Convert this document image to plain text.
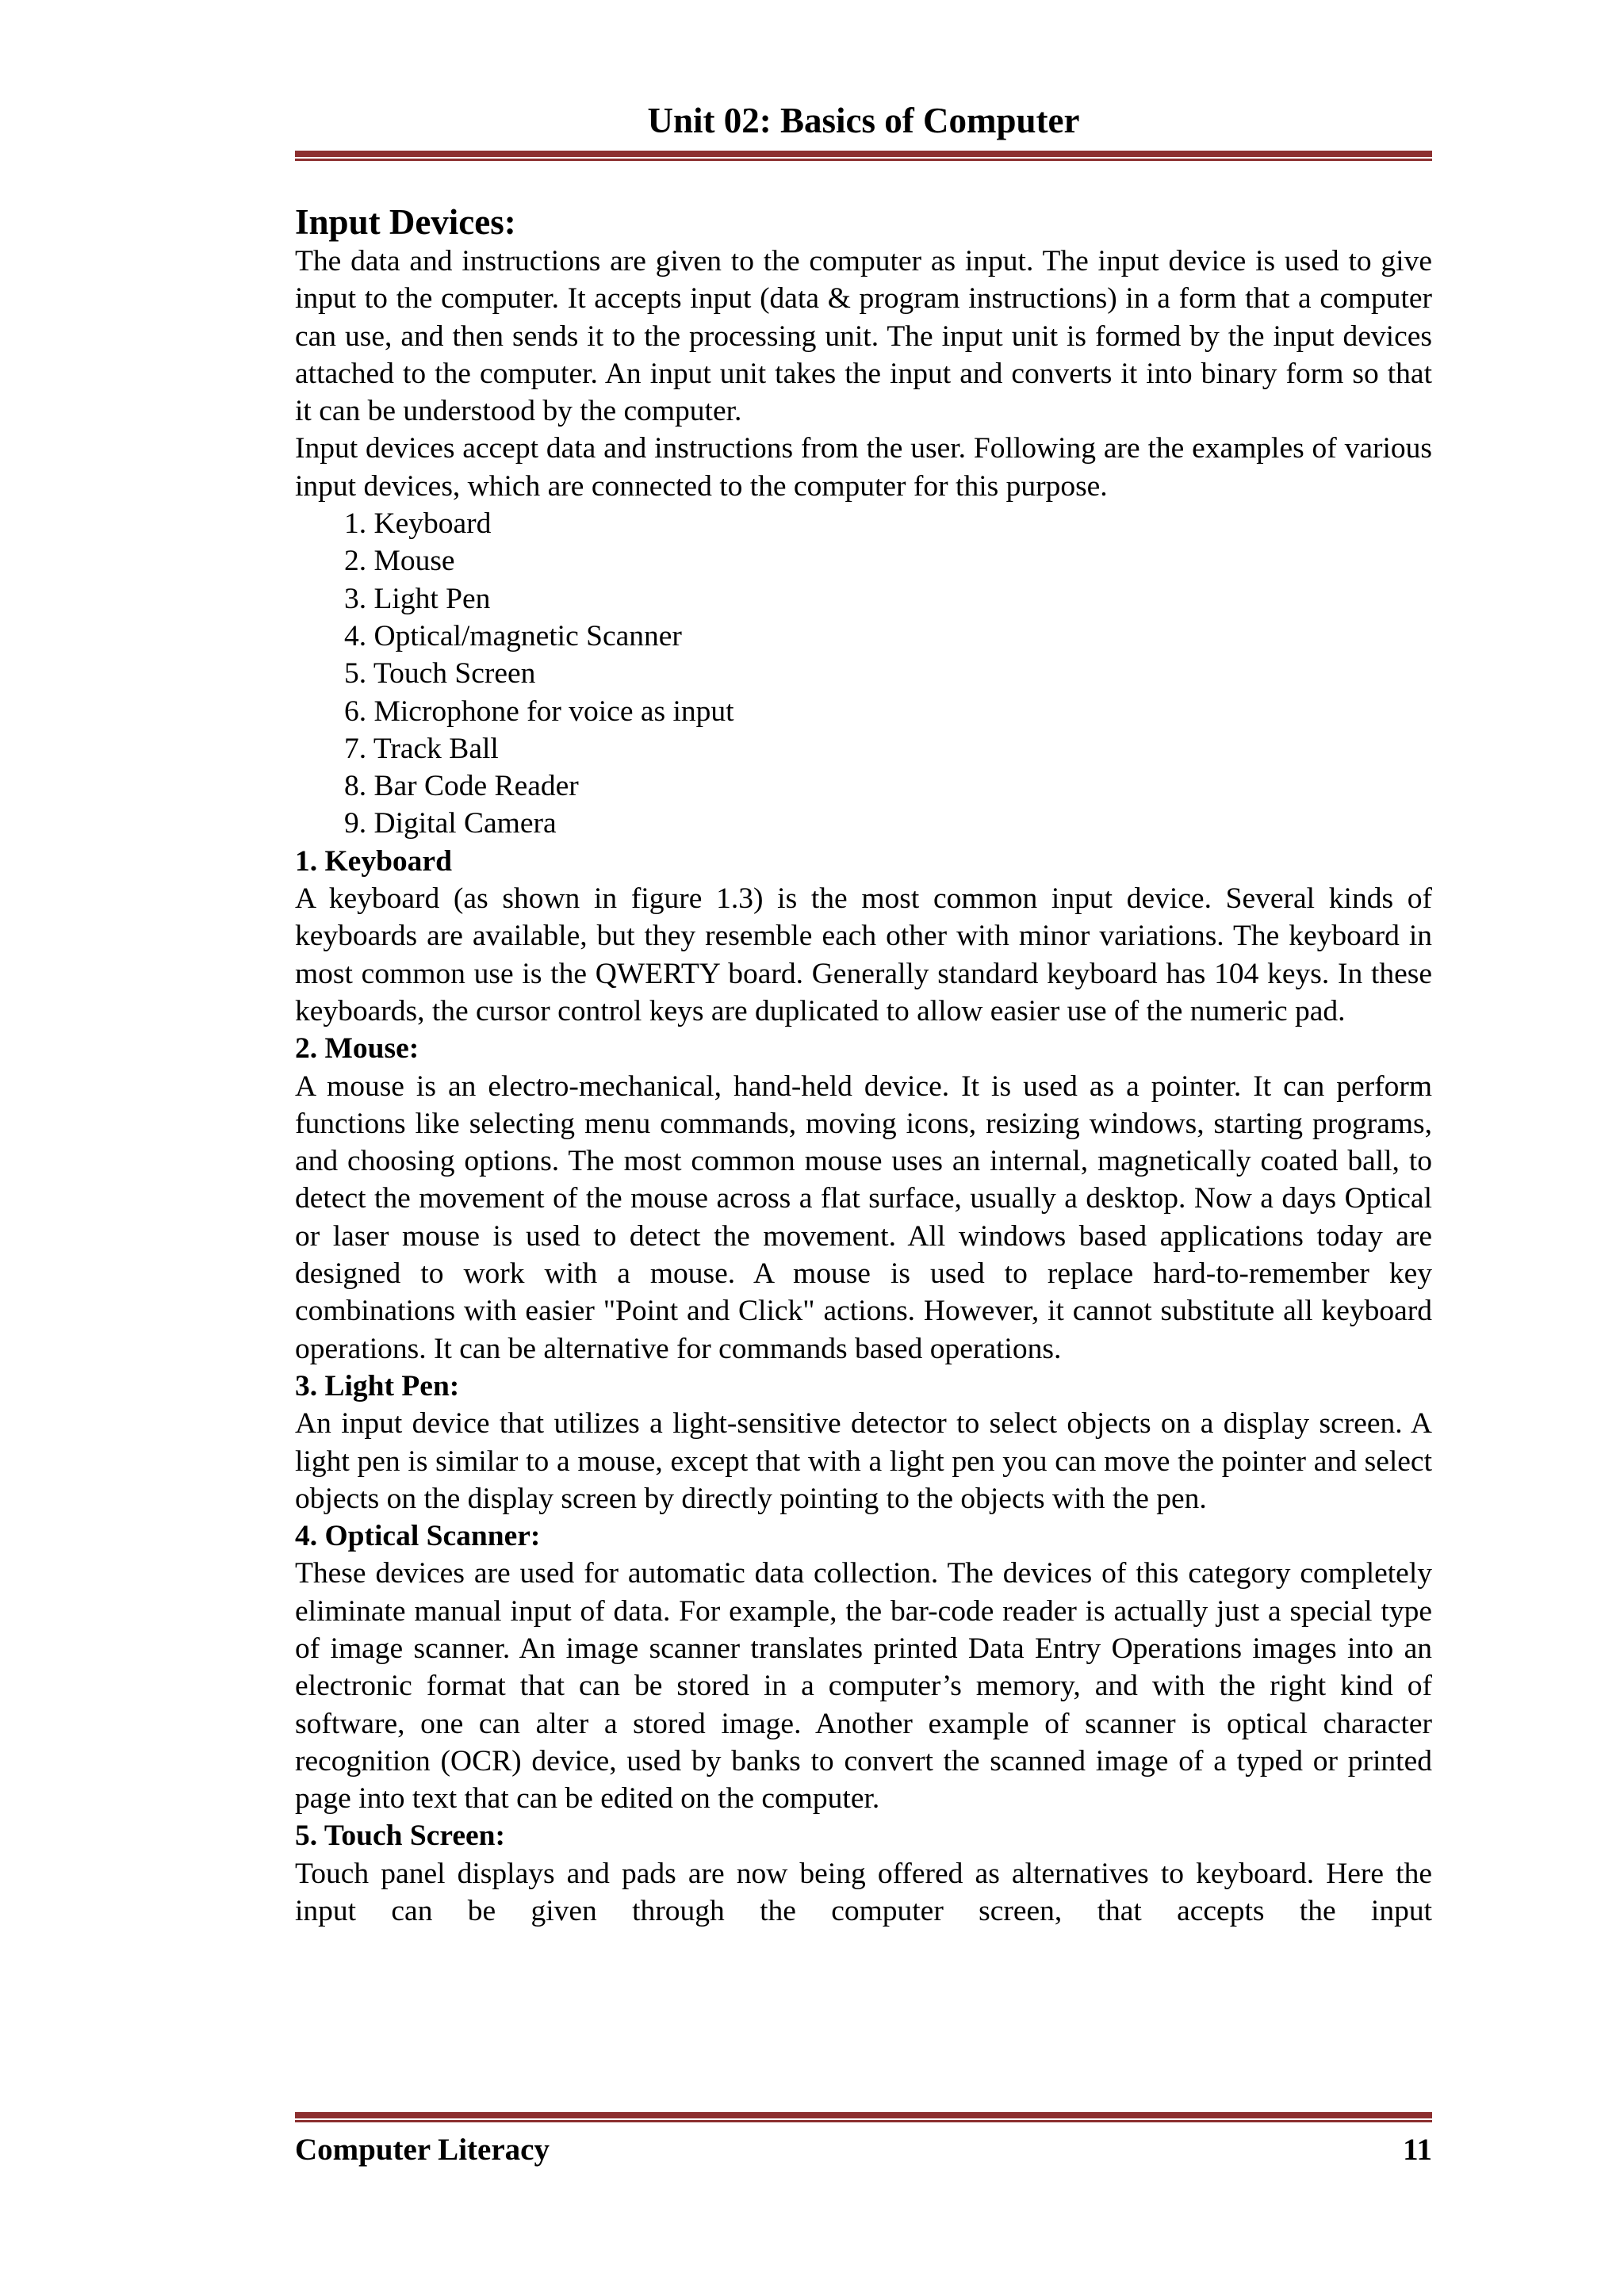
Unit 02: Basics of Computer
Input Devices:

The data and instructions are given to the computer as input. The input device is used to give input to the computer. It accepts input (data & program instructions) in a form that a computer can use, and then sends it to the processing unit. The input unit is formed by the input devices attached to the computer. An input unit takes the input and converts it into binary form so that it can be understood by the computer.

Input devices accept data and instructions from the user. Following are the examples of various input devices, which are connected to the computer for this purpose.

1. Keyboard
2. Mouse
3. Light Pen
4. Optical/magnetic Scanner
5. Touch Screen
6. Microphone for voice as input
7. Track Ball
8. Bar Code Reader
9. Digital Camera

1. Keyboard

A keyboard (as shown in figure 1.3) is the most common input device. Several kinds of keyboards are available, but they resemble each other with minor variations. The keyboard in most common use is the QWERTY board. Generally standard keyboard has 104 keys. In these keyboards, the cursor control keys are duplicated to allow easier use of the numeric pad.

2. Mouse:

A mouse is an electro-mechanical, hand-held device. It is used as a pointer. It can perform functions like selecting menu commands, moving icons, resizing windows, starting programs, and choosing options. The most common mouse uses an internal, magnetically coated ball, to detect the movement of the mouse across a flat surface, usually a desktop. Now a days Optical or laser mouse is used to detect the movement. All windows based applications today are designed to work with a mouse. A mouse is used to replace hard-to-remember key combinations with easier "Point and Click" actions. However, it cannot substitute all keyboard operations. It can be alternative for commands based operations.

3. Light Pen:

An input device that utilizes a light-sensitive detector to select objects on a display screen. A light pen is similar to a mouse, except that with a light pen you can move the pointer and select objects on the display screen by directly pointing to the objects with the pen.

4. Optical Scanner:

These devices are used for automatic data collection. The devices of this category completely eliminate manual input of data. For example, the bar-code reader is actually just a special type of image scanner. An image scanner translates printed Data Entry Operations images into an electronic format that can be stored in a computer’s memory, and with the right kind of software, one can alter a stored image. Another example of scanner is optical character recognition (OCR) device, used by banks to convert the scanned image of a typed or printed page into text that can be edited on the computer.

5. Touch Screen:

Touch panel displays and pads are now being offered as alternatives to keyboard. Here the input can be given through the computer screen, that accepts the input

Computer Literacy	11
